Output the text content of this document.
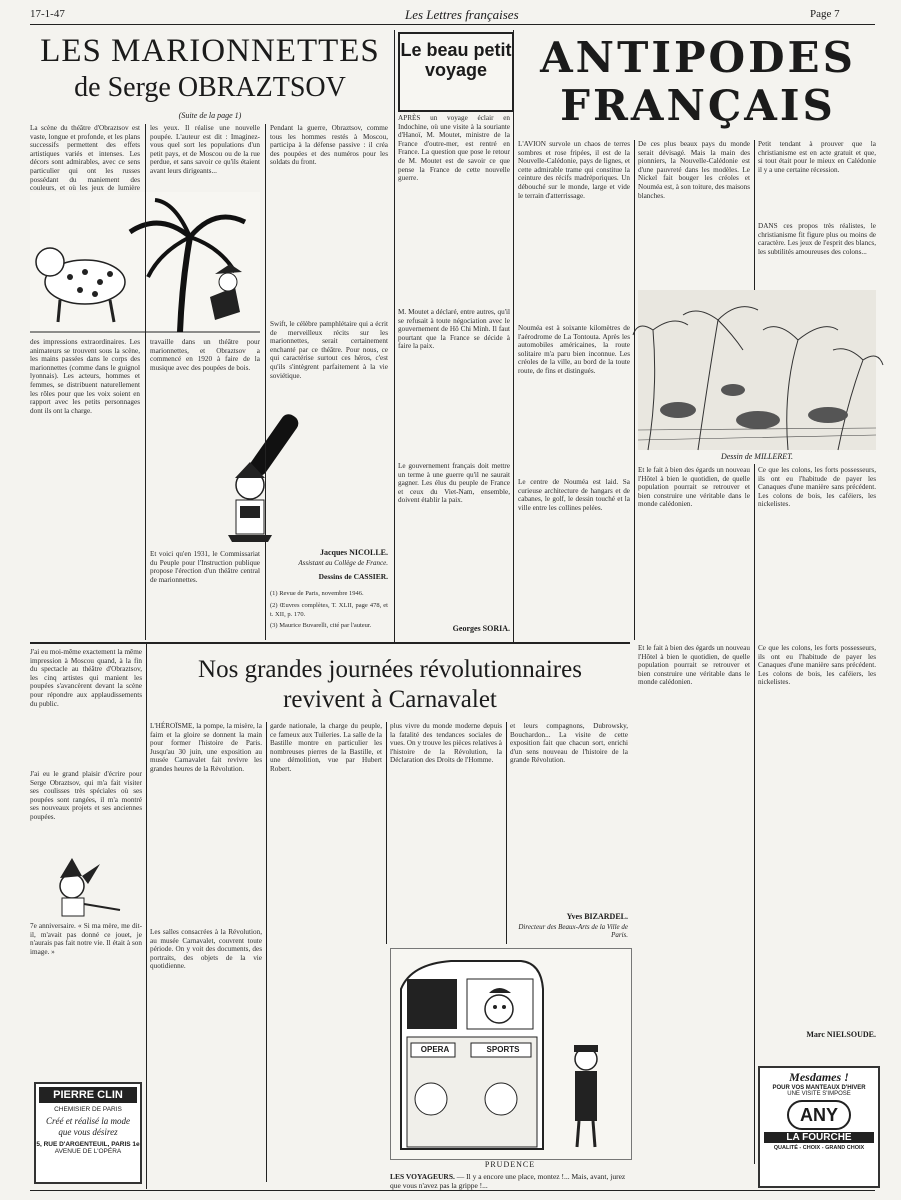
17-1-47	Les Lettres françaises	Page 7
LES MARIONNETTES
de Serge OBRAZTSOV
(Suite de la page 1)
La scène du théâtre d'Obraztsov est vaste, longue et profonde, et les plans successifs permettent des effets artistiques variés et intenses. Les décors sont admirables, avec ce sens particulier qui ont les russes possédant du maniement des couleurs, et où les jeux de lumière
les yeux. Il réalise une nouvelle poupée. L'auteur est dit : Imaginez-vous quel sort les populations d'un petit pays, et de Moscou ou de la rue perdue, et sans savoir ce qu'ils étaient avant leurs dirigeants...
Pendant la guerre, Obraztsov, comme tous les hommes restés à Moscou, participa à la défense passive : il créa des poupées et des numéros pour les soldats du front.
des impressions extraordinaires. Les animateurs se trouvent sous la scène, les mains passées dans le corps des marionnettes (comme dans le guignol lyonnais). Les acteurs, hommes et femmes, se distribuent naturellement les rôles pour que les voix soient en rapport avec les petits personnages dont ils ont la charge.
travaille dans un théâtre pour marionnettes, et Obraztsov a commencé en 1920 à faire de la musique avec des poupées de bois.
Swift, le célèbre pamphlétaire qui a écrit de merveilleux récits sur les marionnettes, serait certainement enchanté par ce théâtre. Pour nous, ce qui caractérise surtout ces héros, c'est qu'ils s'intègrent parfaitement à la vie soviétique.
Et voici qu'en 1931, le Commissariat du Peuple pour l'Instruction publique propose l'érection d'un théâtre central de marionnettes.
Jacques NICOLLE.
Assistant au Collège de France.
Dessins de CASSIER.
(1) Revue de Paris, novembre 1946.
(2) Œuvres complètes, T. XLII, page 478, et t. XII, p. 170.
(3) Maurice Buvarelli, cité par l'auteur.
Le beau petit voyage
APRÈS un voyage éclair en Indochine, où une visite à la souriante d'Hanoï, M. Moutet, ministre de la France d'outre-mer, est rentré en France. La question que pose le retour de M. Moutet est de savoir ce que pense la France de cette nouvelle guerre.
M. Moutet a déclaré, entre autres, qu'il se refusait à toute négociation avec le gouvernement de Hô Chi Minh. Il faut pourtant que la France se décide à faire la paix.
Le gouvernement français doit mettre un terme à une guerre qu'il ne saurait gagner. Les élus du peuple de France et ceux du Viet-Nam, ensemble, doivent établir la paix.
Georges SORIA.
ANTIPODES
FRANÇAIS
L'AVION survole un chaos de terres sombres et rose fripées, il est de la Nouvelle-Calédonie, pays de lignes, et cette admirable trame qui constitue la ceinture des récifs madréporiques. Un débouché sur le monde, large et vide le terrain d'atterrissage.
Nouméa est à soixante kilomètres de l'aérodrome de La Tontouta. Après les automobiles américaines, la route solitaire m'a paru bien inconnue. Les créoles de la ville, au bord de la toute route, de fins et distingués.
Le centre de Nouméa est laid. Sa curieuse architecture de hangars et de cabanes, le golf, le dessin touché et la ville entre les collines pelées.
De ces plus beaux pays du monde serait dévisagé. Mais la main des pionniers, la Nouvelle-Calédonie est d'une pauvreté dans les modèles. Le Nickel fait bouger les créoles et Nouméa est, à son toiture, des maisons blanches.
Petit tendant à prouver que la christianisme est en acte gratuit et que, si tout était pour le mieux en Calédonie il y a une certaine récession.
DANS ces propos très réalistes, le christianisme fit figure plus ou moins de caractère. Les jeux de l'esprit des blancs, les subtilités amoureuses des colons...
Dessin de MILLERET.
Et le fait à bien des égards un nouveau l'Hôtel à bien le quotidien, de quelle population pourrait se retrouver et bien construire une véritable dans le monde calédonien.
Ce que les colons, les forts possesseurs, ils ont eu l'habitude de payer les Canaques d'une manière sans précédent. Les colons de bois, les caféiers, les nickelistes.
Ce que les colons, les forts possesseurs, ils ont eu l'habitude de payer les Canaques d'une manière sans précédent. Les colons de bois, les caféiers, les nickelistes.
Marc NIELSOUDE.
Et le fait à bien des égards un nouveau l'Hôtel à bien le quotidien, de quelle population pourrait se retrouver et bien construire une véritable dans le monde calédonien.
J'ai eu moi-même exactement la même impression à Moscou quand, à la fin du spectacle au théâtre d'Obraztsov, les cinq artistes qui manient les poupées s'avancèrent devant la scène pour répondre aux applaudissements du public.
J'ai eu le grand plaisir d'écrire pour Serge Obraztsov, qui m'a fait visiter ses coulisses très spéciales où ses poupées sont rangées, il m'a montré ses nouveaux projets et ses anciennes poupées.
7e anniversaire. « Si ma mère, me dit-il, m'avait pas donné ce jouet, je n'aurais pas fait notre vie. Il était à son image. »
PIERRE CLIN
CHEMISIER DE PARIS
Créé et réalisé la mode que vous désirez
5, RUE D'ARGENTEUIL, PARIS 1e
AVENUE DE L'OPÉRA
Nos grandes journées révolutionnaires
revivent à Carnavalet
L'HÉROÏSME, la pompe, la misère, la faim et la gloire se donnent la main pour former l'histoire de Paris. Jusqu'au 30 juin, une exposition au musée Carnavalet fait revivre les grandes heures de la Révolution.
Les salles consacrées à la Révolution, au musée Carnavalet, couvrent toute période. On y voit des documents, des portraits, des objets de la vie quotidienne.
garde nationale, la charge du peuple, ce fameux aux Tuileries. La salle de la Bastille montre en particulier les nombreuses pierres de la Bastille, et une démolition, vue par Hubert Robert.
plus vivre du monde moderne depuis la fatalité des tendances sociales de vues. On y trouve les pièces relatives à l'histoire de la Révolution, la Déclaration des Droits de l'Homme.
et leurs compagnons, Dubrowsky, Bouchardon... La visite de cette exposition fait que chacun sort, enrichi d'un sens nouveau de l'histoire de la grande Révolution.
Yves BIZARDEL.
Directeur des Beaux-Arts de la Ville de Paris.
OPERA	SPORTS
PRUDENCE
LES VOYAGEURS. — Il y a encore une place, montez !... Mais, avant, jurez que vous n'avez pas la grippe !...
Mesdames !
POUR VOS MANTEAUX D'HIVER
UNE VISITE S'IMPOSE
ANY
LA FOURCHE
QUALITÉ - CHOIX - GRAND CHOIX
